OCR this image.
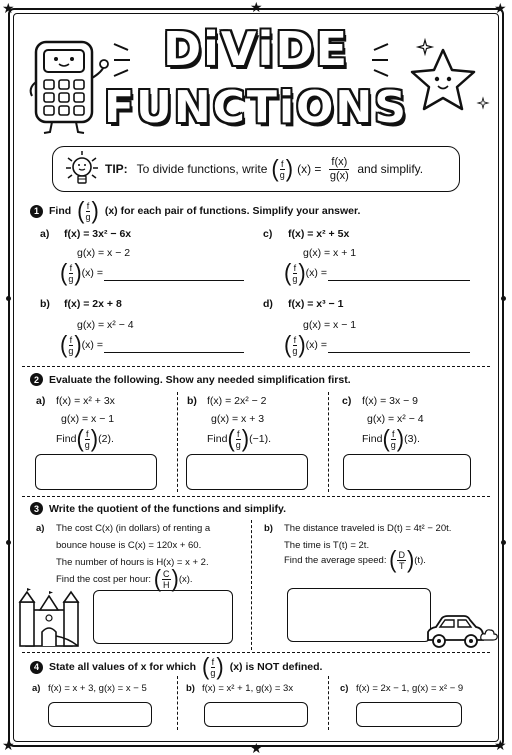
★	★
★	★
★
★
DiViDE
FUNCTiONS
TIP: To divide functions, write ( $\frac{f}{g}$ ) $(x) = \frac{f(x)}{g(x)}$ and simplify.
1 Find ( $\frac{f}{g}$ ) (x) for each pair of functions. Simplify your answer.
a) f(x) = 3x² − 6x
g(x) = x − 2
( $\frac{f}{g}$ ) (x) =
c) f(x) = x² + 5x
g(x) = x + 1
( $\frac{f}{g}$ ) (x) =
b) f(x) = 2x + 8
g(x) = x² − 4
( $\frac{f}{g}$ ) (x) =
d) f(x) = x³ − 1
g(x) = x − 1
( $\frac{f}{g}$ ) (x) =
2 Evaluate the following. Show any needed simplification first.
a) f(x) = x² + 3x
g(x) = x − 1
Find ( $\frac{f}{g}$ ) (2).
b) f(x) = 2x² − 2
g(x) = x + 3
Find ( $\frac{f}{g}$ ) (−1).
c) f(x) = 3x − 9
g(x) = x² − 4
Find ( $\frac{f}{g}$ ) (3).
3 Write the quotient of the functions and simplify.
a) The cost C(x) (in dollars) of renting a
bounce house is C(x) = 120x + 60.
The number of hours is H(x) = x + 2.
Find the cost per hour:
( $\frac{C}{H}$ ) (x).
b) The distance traveled is D(t) = 4t² − 20t.
The time is T(t) = 2t.
Find the average speed:
( $\frac{D}{T}$ ) (t).
4 State all values of x for which ( $\frac{f}{g}$ ) (x) is NOT defined.
a) f(x) = x + 3, g(x) = x − 5	b) f(x) = x² + 1, g(x) = 3x	c) f(x) = 2x − 1, g(x) = x² − 9
